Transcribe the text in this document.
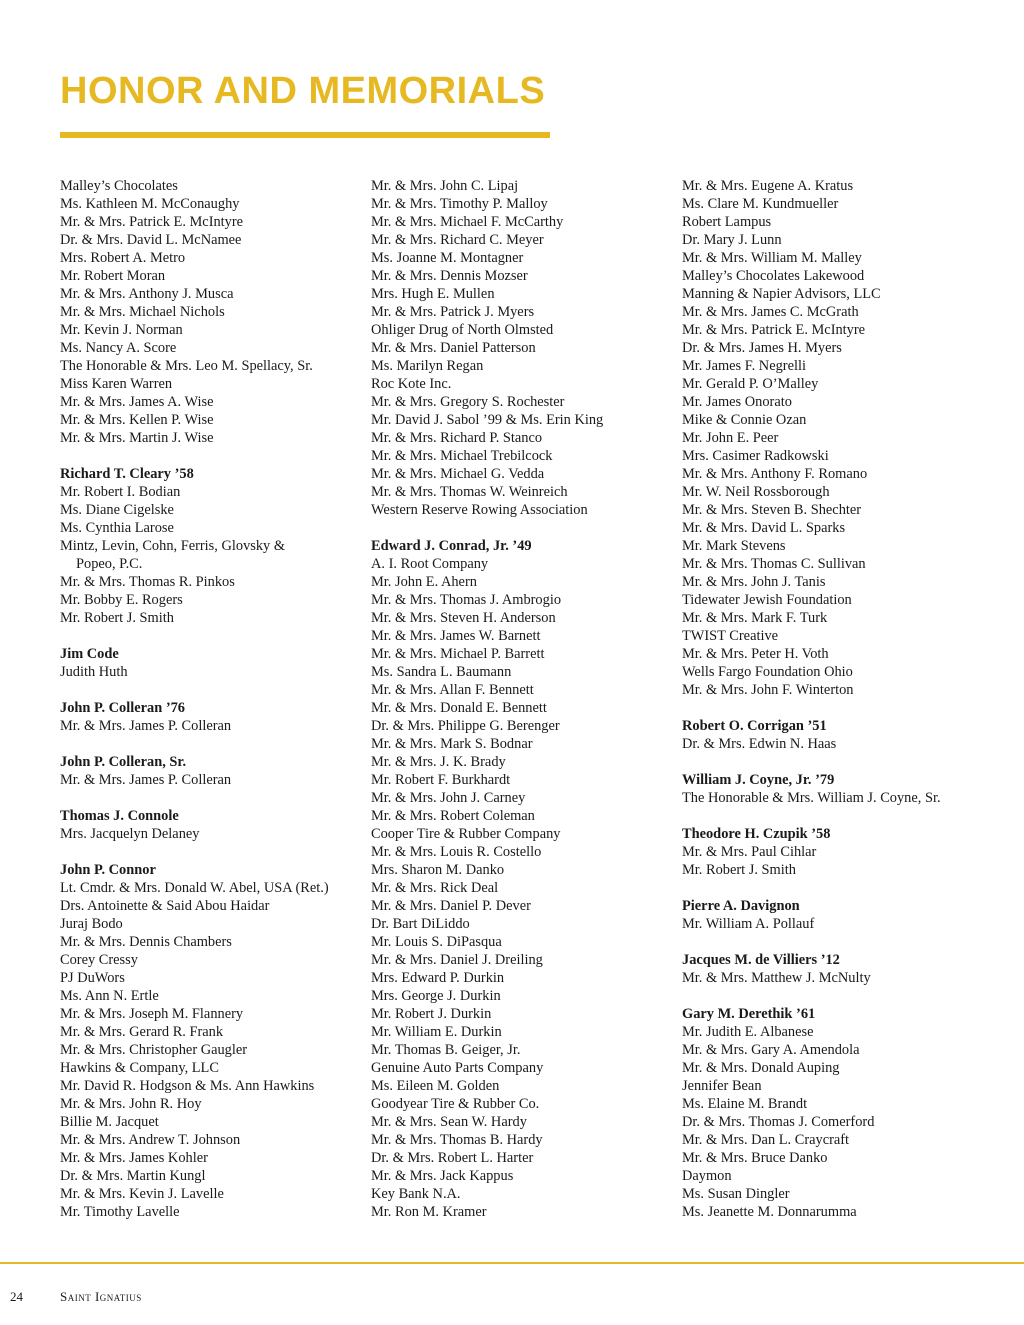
HONOR AND MEMORIALS
Malley’s Chocolates
Ms. Kathleen M. McConaughy
Mr. & Mrs. Patrick E. McIntyre
Dr. & Mrs. David L. McNamee
Mrs. Robert A. Metro
Mr. Robert Moran
Mr. & Mrs. Anthony J. Musca
Mr. & Mrs. Michael Nichols
Mr. Kevin J. Norman
Ms. Nancy A. Score
The Honorable & Mrs. Leo M. Spellacy, Sr.
Miss Karen Warren
Mr. & Mrs. James A. Wise
Mr. & Mrs. Kellen P. Wise
Mr. & Mrs. Martin J. Wise
Richard T. Cleary ’58
Mr. Robert I. Bodian
Ms. Diane Cigelske
Ms. Cynthia Larose
Mintz, Levin, Cohn, Ferris, Glovsky &
Popeo, P.C.
Mr. & Mrs. Thomas R. Pinkos
Mr. Bobby E. Rogers
Mr. Robert J. Smith
Jim Code
Judith Huth
John P. Colleran ’76
Mr. & Mrs. James P. Colleran
John P. Colleran, Sr.
Mr. & Mrs. James P. Colleran
Thomas J. Connole
Mrs. Jacquelyn Delaney
John P. Connor
Lt. Cmdr. & Mrs. Donald W. Abel, USA (Ret.)
Drs. Antoinette & Said Abou Haidar
Juraj Bodo
Mr. & Mrs. Dennis Chambers
Corey Cressy
PJ DuWors
Ms. Ann N. Ertle
Mr. & Mrs. Joseph M. Flannery
Mr. & Mrs. Gerard R. Frank
Mr. & Mrs. Christopher Gaugler
Hawkins & Company, LLC
Mr. David R. Hodgson & Ms. Ann Hawkins
Mr. & Mrs. John R. Hoy
Billie M. Jacquet
Mr. & Mrs. Andrew T. Johnson
Mr. & Mrs. James Kohler
Dr. & Mrs. Martin Kungl
Mr. & Mrs. Kevin J. Lavelle
Mr. Timothy Lavelle
Mr. & Mrs. John C. Lipaj
Mr. & Mrs. Timothy P. Malloy
Mr. & Mrs. Michael F. McCarthy
Mr. & Mrs. Richard C. Meyer
Ms. Joanne M. Montagner
Mr. & Mrs. Dennis Mozser
Mrs. Hugh E. Mullen
Mr. & Mrs. Patrick J. Myers
Ohliger Drug of North Olmsted
Mr. & Mrs. Daniel Patterson
Ms. Marilyn Regan
Roc Kote Inc.
Mr. & Mrs. Gregory S. Rochester
Mr. David J. Sabol ’99 & Ms. Erin King
Mr. & Mrs. Richard P. Stanco
Mr. & Mrs. Michael Trebilcock
Mr. & Mrs. Michael G. Vedda
Mr. & Mrs. Thomas W. Weinreich
Western Reserve Rowing Association
Edward J. Conrad, Jr. ’49
A. I. Root Company
Mr. John E. Ahern
Mr. & Mrs. Thomas J. Ambrogio
Mr. & Mrs. Steven H. Anderson
Mr. & Mrs. James W. Barnett
Mr. & Mrs. Michael P. Barrett
Ms. Sandra L. Baumann
Mr. & Mrs. Allan F. Bennett
Mr. & Mrs. Donald E. Bennett
Dr. & Mrs. Philippe G. Berenger
Mr. & Mrs. Mark S. Bodnar
Mr. & Mrs. J. K. Brady
Mr. Robert F. Burkhardt
Mr. & Mrs. John J. Carney
Mr. & Mrs. Robert Coleman
Cooper Tire & Rubber Company
Mr. & Mrs. Louis R. Costello
Mrs. Sharon M. Danko
Mr. & Mrs. Rick Deal
Mr. & Mrs. Daniel P. Dever
Dr. Bart DiLiddo
Mr. Louis S. DiPasqua
Mr. & Mrs. Daniel J. Dreiling
Mrs. Edward P. Durkin
Mrs. George J. Durkin
Mr. Robert J. Durkin
Mr. William E. Durkin
Mr. Thomas B. Geiger, Jr.
Genuine Auto Parts Company
Ms. Eileen M. Golden
Goodyear Tire & Rubber Co.
Mr. & Mrs. Sean W. Hardy
Mr. & Mrs. Thomas B. Hardy
Dr. & Mrs. Robert L. Harter
Mr. & Mrs. Jack Kappus
Key Bank N.A.
Mr. Ron M. Kramer
Mr. & Mrs. Eugene A. Kratus
Ms. Clare M. Kundmueller
Robert Lampus
Dr. Mary J. Lunn
Mr. & Mrs. William M. Malley
Malley’s Chocolates Lakewood
Manning & Napier Advisors, LLC
Mr. & Mrs. James C. McGrath
Mr. & Mrs. Patrick E. McIntyre
Dr. & Mrs. James H. Myers
Mr. James F. Negrelli
Mr. Gerald P. O’Malley
Mr. James Onorato
Mike & Connie Ozan
Mr. John E. Peer
Mrs. Casimer Radkowski
Mr. & Mrs. Anthony F. Romano
Mr. W. Neil Rossborough
Mr. & Mrs. Steven B. Shechter
Mr. & Mrs. David L. Sparks
Mr. Mark Stevens
Mr. & Mrs. Thomas C. Sullivan
Mr. & Mrs. John J. Tanis
Tidewater Jewish Foundation
Mr. & Mrs. Mark F. Turk
TWIST Creative
Mr. & Mrs. Peter H. Voth
Wells Fargo Foundation Ohio
Mr. & Mrs. John F. Winterton
Robert O. Corrigan ’51
Dr. & Mrs. Edwin N. Haas
William J. Coyne, Jr. ’79
The Honorable & Mrs. William J. Coyne, Sr.
Theodore H. Czupik ’58
Mr. & Mrs. Paul Cihlar
Mr. Robert J. Smith
Pierre A. Davignon
Mr. William A. Pollauf
Jacques M. de Villiers ’12
Mr. & Mrs. Matthew J. McNulty
Gary M. Derethik ’61
Mr. Judith E. Albanese
Mr. & Mrs. Gary A. Amendola
Mr. & Mrs. Donald Auping
Jennifer Bean
Ms. Elaine M. Brandt
Dr. & Mrs. Thomas J. Comerford
Mr. & Mrs. Dan L. Craycraft
Mr. & Mrs. Bruce Danko
Daymon
Ms. Susan Dingler
Ms. Jeanette M. Donnarumma
24	Saint Ignatius
